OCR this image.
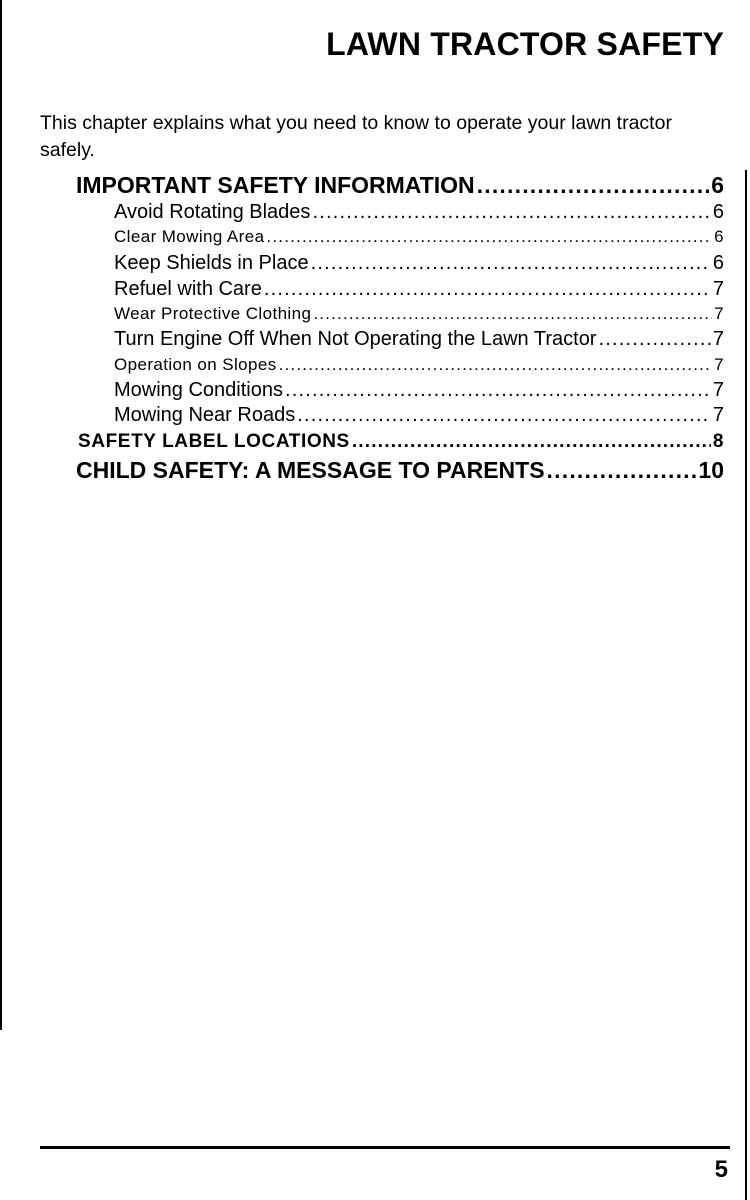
LAWN TRACTOR SAFETY

This chapter explains what you need to know to operate your lawn tractor safely.

IMPORTANT SAFETY INFORMATION .....	6
Avoid Rotating Blades .....	6
Clear Mowing Area .....	6
Keep Shields in Place .....	6
Refuel with Care .....	7
Wear Protective Clothing .....	7
Turn Engine Off When Not Operating the Lawn Tractor .....	7
Operation on Slopes .....	7
Mowing Conditions .....	7
Mowing Near Roads .....	7
SAFETY LABEL LOCATIONS .....	8
CHILD SAFETY: A MESSAGE TO PARENTS .....	10
5
